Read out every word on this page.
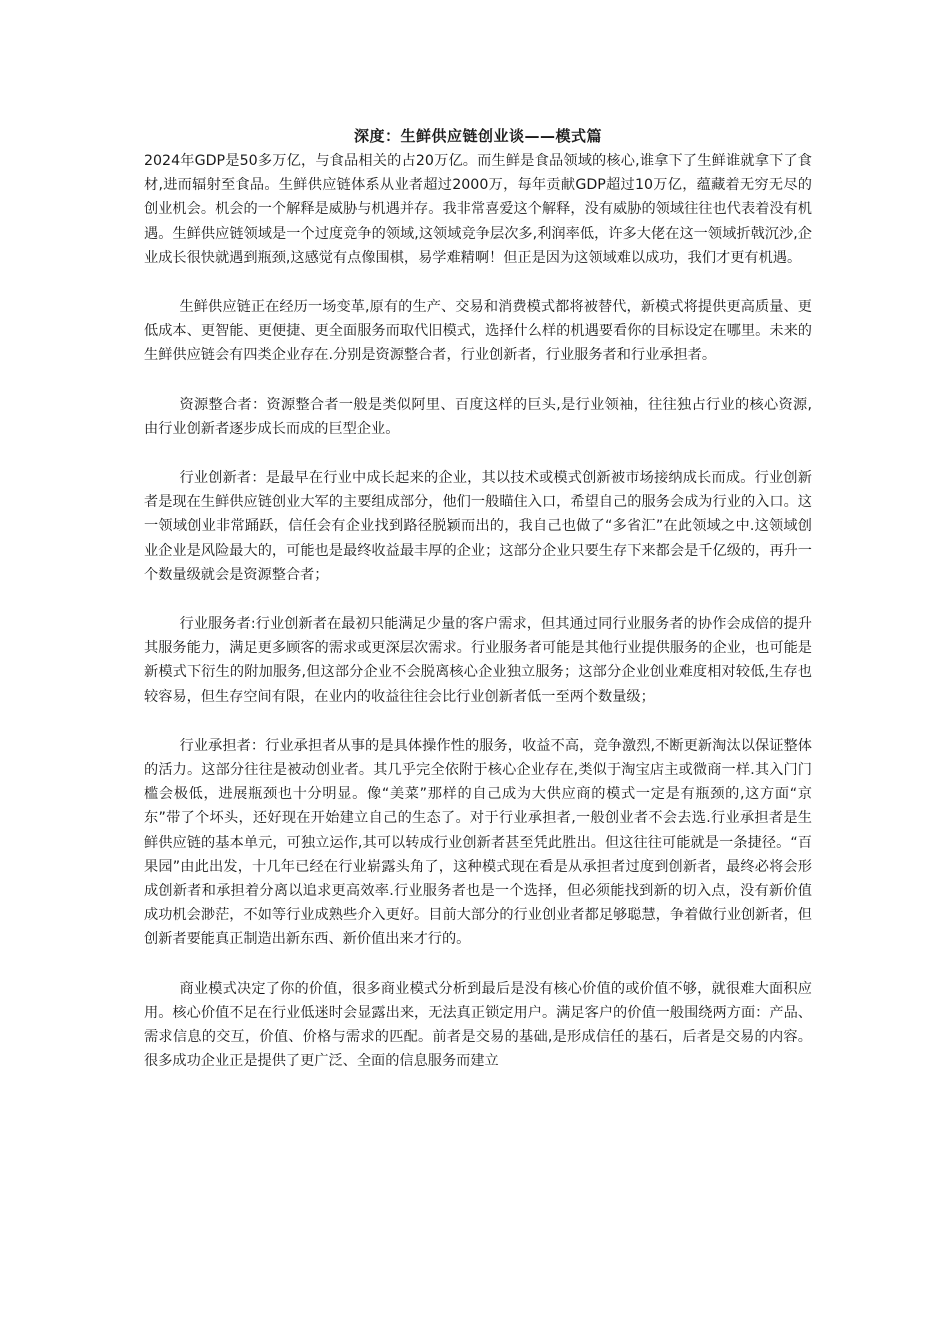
深度：生鲜供应链创业谈——模式篇

2024年GDP是50多万亿，与食品相关的占20万亿。而生鲜是食品领域的核心,谁拿下了生鲜谁就拿下了食材,进而辐射至食品。生鲜供应链体系从业者超过2000万，每年贡献GDP超过10万亿，蕴藏着无穷无尽的创业机会。机会的一个解释是威胁与机遇并存。我非常喜爱这个解释，没有威胁的领域往往也代表着没有机遇。生鲜供应链领域是一个过度竞争的领域,这领域竞争层次多,利润率低，许多大佬在这一领域折戟沉沙,企业成长很快就遇到瓶颈,这感觉有点像围棋，易学难精啊！但正是因为这领域难以成功，我们才更有机遇。

生鲜供应链正在经历一场变革,原有的生产、交易和消费模式都将被替代，新模式将提供更高质量、更低成本、更智能、更便捷、更全面服务而取代旧模式，选择什么样的机遇要看你的目标设定在哪里。未来的生鲜供应链会有四类企业存在.分别是资源整合者，行业创新者，行业服务者和行业承担者。

资源整合者：资源整合者一般是类似阿里、百度这样的巨头,是行业领袖，往往独占行业的核心资源,由行业创新者逐步成长而成的巨型企业。

行业创新者：是最早在行业中成长起来的企业，其以技术或模式创新被市场接纳成长而成。行业创新者是现在生鲜供应链创业大军的主要组成部分，他们一般瞄住入口，希望自己的服务会成为行业的入口。这一领域创业非常踊跃，信任会有企业找到路径脱颖而出的，我自己也做了“多省汇”在此领域之中.这领域创业企业是风险最大的，可能也是最终收益最丰厚的企业；这部分企业只要生存下来都会是千亿级的，再升一个数量级就会是资源整合者；

行业服务者:行业创新者在最初只能满足少量的客户需求，但其通过同行业服务者的协作会成倍的提升其服务能力，满足更多顾客的需求或更深层次需求。行业服务者可能是其他行业提供服务的企业，也可能是新模式下衍生的附加服务,但这部分企业不会脱离核心企业独立服务；这部分企业创业难度相对较低,生存也较容易，但生存空间有限，在业内的收益往往会比行业创新者低一至两个数量级；

行业承担者：行业承担者从事的是具体操作性的服务，收益不高，竞争激烈,不断更新淘汰以保证整体的活力。这部分往往是被动创业者。其几乎完全依附于核心企业存在,类似于淘宝店主或微商一样.其入门门槛会极低，进展瓶颈也十分明显。像“美菜”那样的自己成为大供应商的模式一定是有瓶颈的,这方面“京东”带了个坏头，还好现在开始建立自己的生态了。对于行业承担者,一般创业者不会去选.行业承担者是生鲜供应链的基本单元，可独立运作,其可以转成行业创新者甚至凭此胜出。但这往往可能就是一条捷径。“百果园”由此出发，十几年已经在行业崭露头角了，这种模式现在看是从承担者过度到创新者，最终必将会形成创新者和承担着分离以追求更高效率.行业服务者也是一个选择，但必须能找到新的切入点，没有新价值成功机会渺茫，不如等行业成熟些介入更好。目前大部分的行业创业者都足够聪慧，争着做行业创新者，但创新者要能真正制造出新东西、新价值出来才行的。

商业模式决定了你的价值，很多商业模式分析到最后是没有核心价值的或价值不够，就很难大面积应用。核心价值不足在行业低迷时会显露出来，无法真正锁定用户。满足客户的价值一般围绕两方面：产品、需求信息的交互，价值、价格与需求的匹配。前者是交易的基础,是形成信任的基石，后者是交易的内容。很多成功企业正是提供了更广泛、全面的信息服务而建立
